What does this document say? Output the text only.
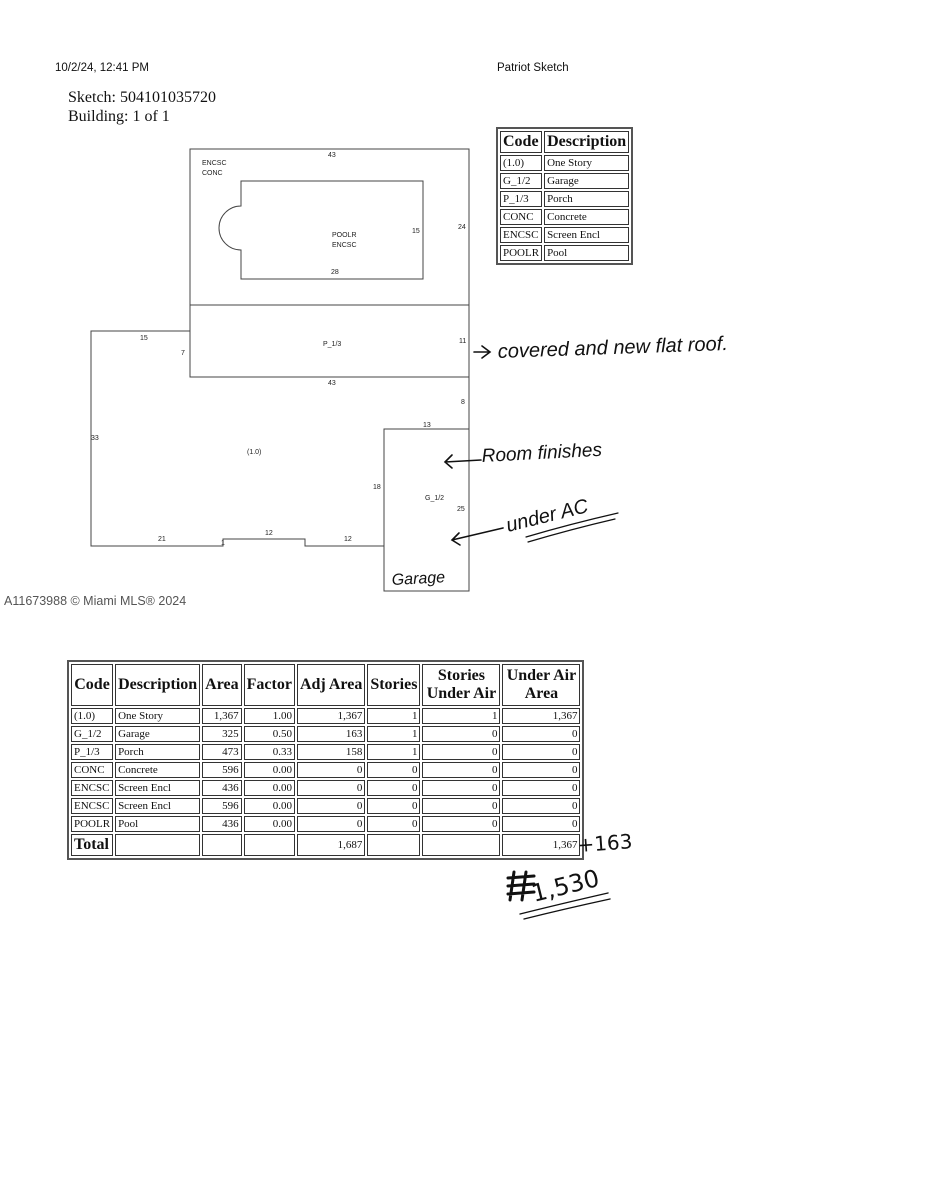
10/2/24, 12:41 PM	Patriot Sketch
Sketch: 504101035720
Building: 1 of 1
Code	Description
(1.0)	One Story
G_1/2	Garage
P_1/3	Porch
CONC	Concrete
ENCSC	Screen Encl
POOLR	Pool
ENCSC
CONC
POOLR
ENCSC
P_1/3
(1.0)
G_1/2
43
15
24
28
15
7
11
43
8
33
13
18
25
21
1
12
12
covered and new flat roof.
Room finishes
under AC
Garage
A11673988 © Miami MLS® 2024
Code	Description	Area	Factor	Adj Area	Stories	Stories Under Air	Under Air Area
(1.0)	One Story	1,367	1.00	1,367	1	1	1,367
G_1/2	Garage	325	0.50	163	1	0	0
P_1/3	Porch	473	0.33	158	1	0	0
CONC	Concrete	596	0.00	0	0	0	0
ENCSC	Screen Encl	436	0.00	0	0	0	0
ENCSC	Screen Encl	596	0.00	0	0	0	0
POOLR	Pool	436	0.00	0	0	0	0
Total				1,687			1,367 +163
1,530
